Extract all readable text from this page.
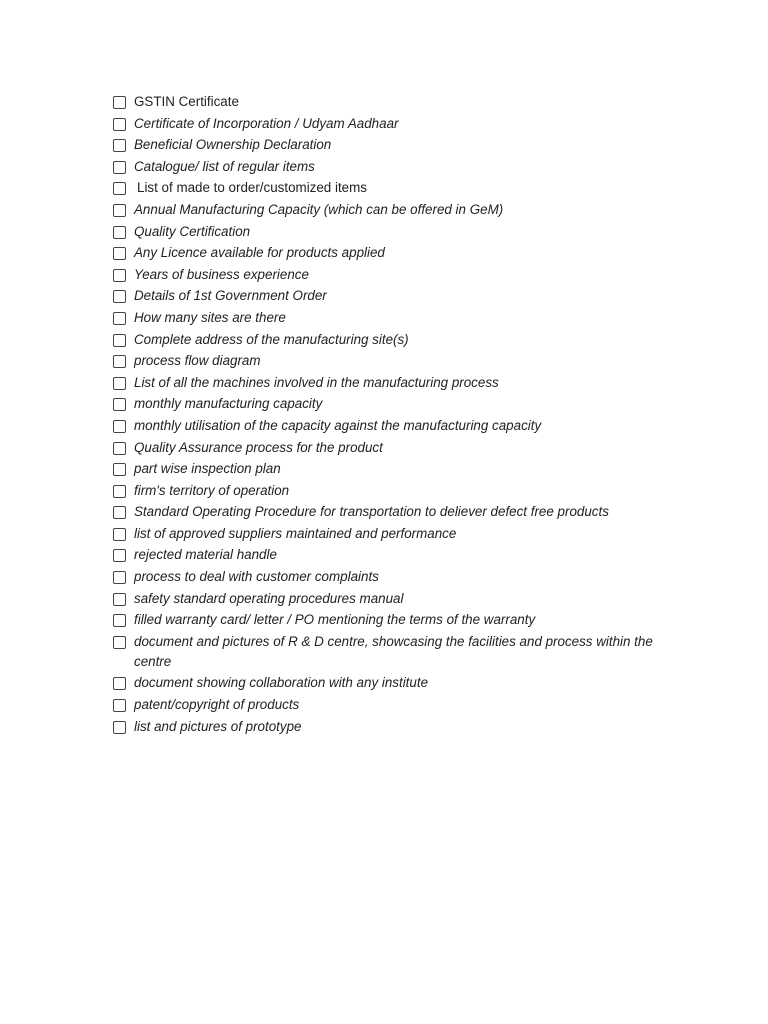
GSTIN Certificate
Certificate of Incorporation / Udyam Aadhaar
Beneficial Ownership Declaration
Catalogue/ list of regular items
List of made to order/customized items
Annual Manufacturing Capacity (which can be offered in GeM)
Quality Certification
Any Licence available for products applied
Years of business experience
Details of 1st Government Order
How many sites are there
Complete address of the manufacturing site(s)
process flow diagram
List of all the machines involved in the manufacturing process
monthly manufacturing capacity
monthly utilisation of the capacity against the manufacturing capacity
Quality Assurance process for the product
part wise inspection plan
firm's territory of operation
Standard Operating Procedure for transportation to deliever defect free products
list of approved suppliers maintained and performance
rejected material handle
process to deal with customer complaints
safety standard operating procedures manual
filled warranty card/ letter / PO mentioning the terms of the warranty
document and pictures of R & D centre, showcasing the facilities and process within the centre
document showing collaboration with any institute
patent/copyright of products
list and pictures of prototype
